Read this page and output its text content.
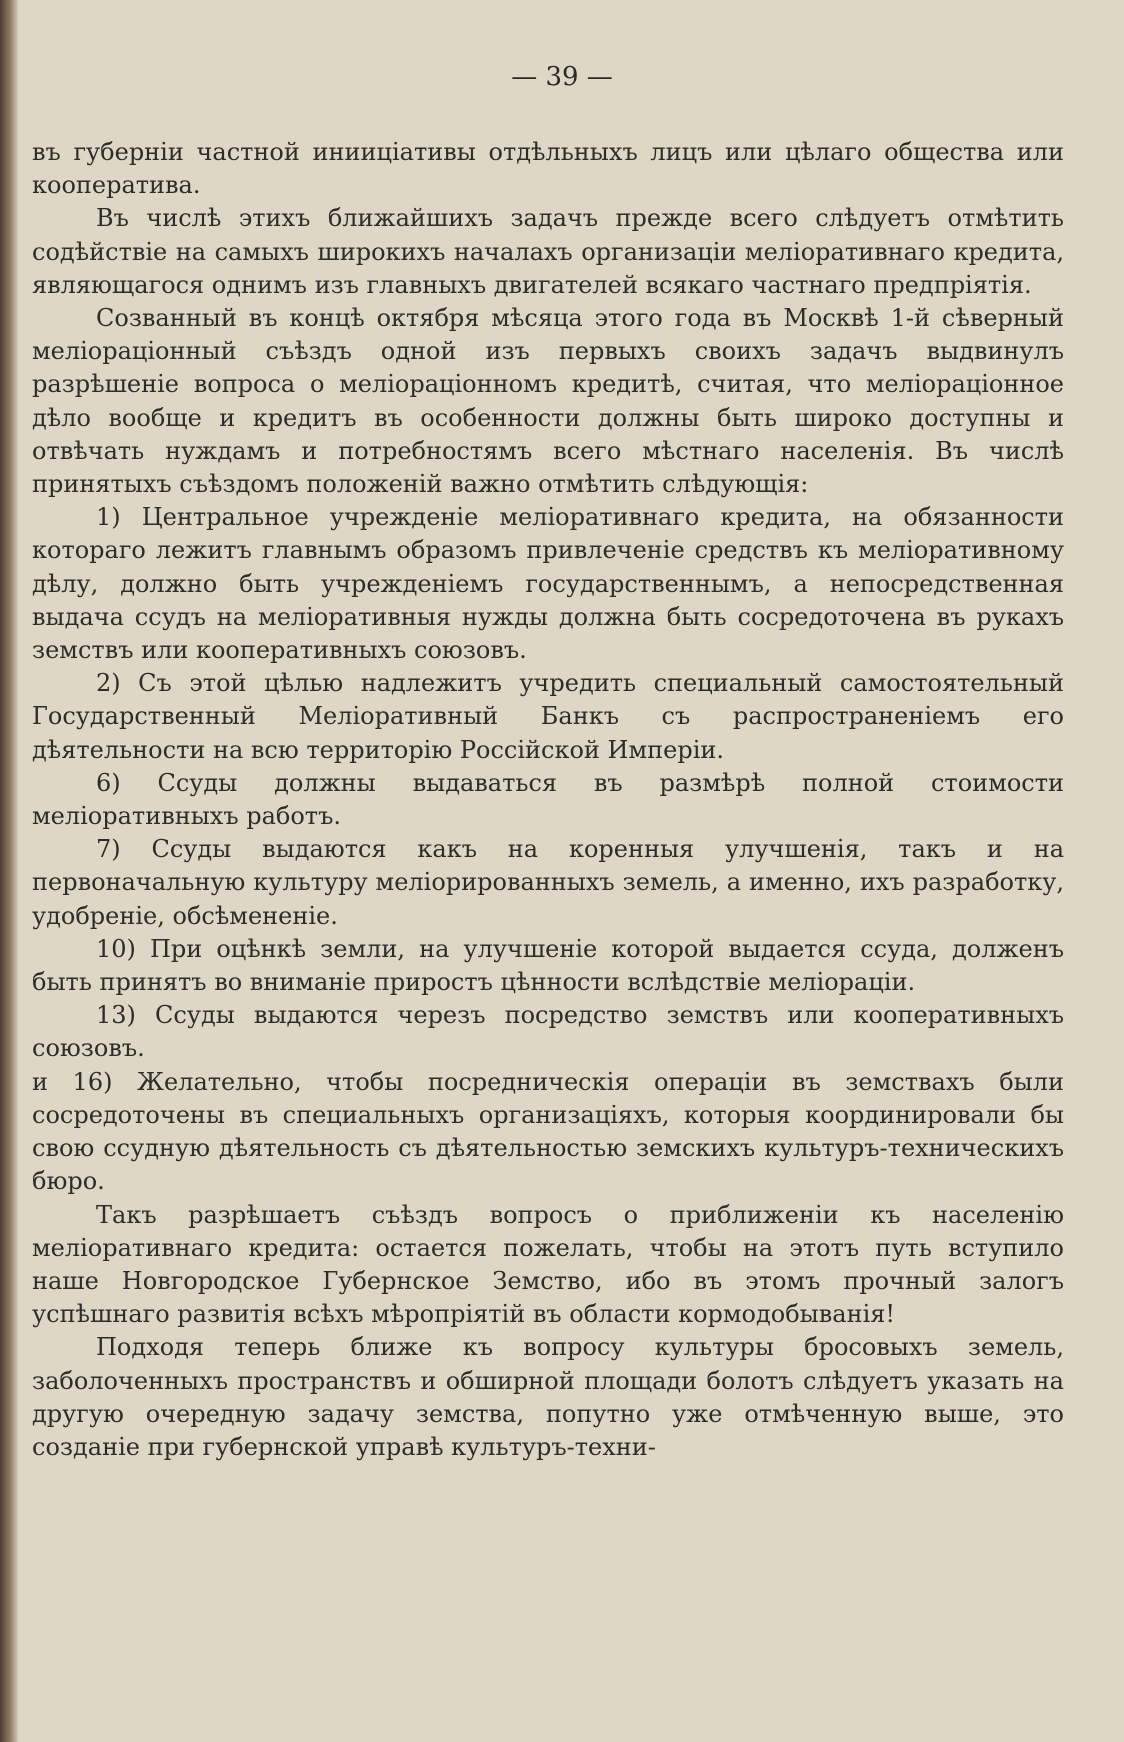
— 39 —

въ губерніи частной инииціативы отдѣльныхъ лицъ или цѣлаго общества или кооператива.

Въ числѣ этихъ ближайшихъ задачъ прежде всего слѣдуетъ отмѣтить содѣйствіе на самыхъ широкихъ началахъ организаціи меліоративнаго кредита, являющагося однимъ изъ главныхъ двигателей всякаго частнаго предпріятія.

Созванный въ концѣ октября мѣсяца этого года въ Москвѣ 1-й сѣверный меліораціонный съѣздъ одной изъ первыхъ своихъ задачъ выдвинулъ разрѣшеніе вопроса о меліораціонномъ кредитѣ, считая, что меліораціонное дѣло вообще и кредитъ въ особенности должны быть широко доступны и отвѣчать нуждамъ и потребностямъ всего мѣстнаго населенія. Въ числѣ принятыхъ съѣздомъ положеній важно отмѣтить слѣдующія:

1) Центральное учрежденіе меліоративнаго кредита, на обязанности котораго лежитъ главнымъ образомъ привлеченіе средствъ къ меліоративному дѣлу, должно быть учрежденіемъ государственнымъ, а непосредственная выдача ссудъ на меліоративныя нужды должна быть сосредоточена въ рукахъ земствъ или кооперативныхъ союзовъ.

2) Съ этой цѣлью надлежитъ учредить специальный самостоятельный Государственный Меліоративный Банкъ съ распространеніемъ его дѣятельности на всю территорію Россійской Имперіи.

6) Ссуды должны выдаваться въ размѣрѣ полной стоимости меліоративныхъ работъ.

7) Ссуды выдаются какъ на коренныя улучшенія, такъ и на первоначальную культуру меліорированныхъ земель, а именно, ихъ разработку, удобреніе, обсѣмененіе.

10) При оцѣнкѣ земли, на улучшеніе которой выдается ссуда, долженъ быть принятъ во вниманіе приростъ цѣнности вслѣдствіе меліораціи.

13) Ссуды выдаются черезъ посредство земствъ или кооперативныхъ союзовъ.

и 16) Желательно, чтобы посредническія операціи въ земствахъ были сосредоточены въ специальныхъ организаціяхъ, которыя координировали бы свою ссудную дѣятельность съ дѣятельностью земскихъ культуръ-техническихъ бюро.

Такъ разрѣшаетъ съѣздъ вопросъ о приближеніи къ населенію меліоративнаго кредита: остается пожелать, чтобы на этотъ путь вступило наше Новгородское Губернское Земство, ибо въ этомъ прочный залогъ успѣшнаго развитія всѣхъ мѣропріятій въ области кормодобыванія!

Подходя теперь ближе къ вопросу культуры бросовыхъ земель, заболоченныхъ пространствъ и обширной площади болотъ слѣдуетъ указать на другую очередную задачу земства, попутно уже отмѣченную выше, это созданіе при губернской управѣ культуръ-техни-
